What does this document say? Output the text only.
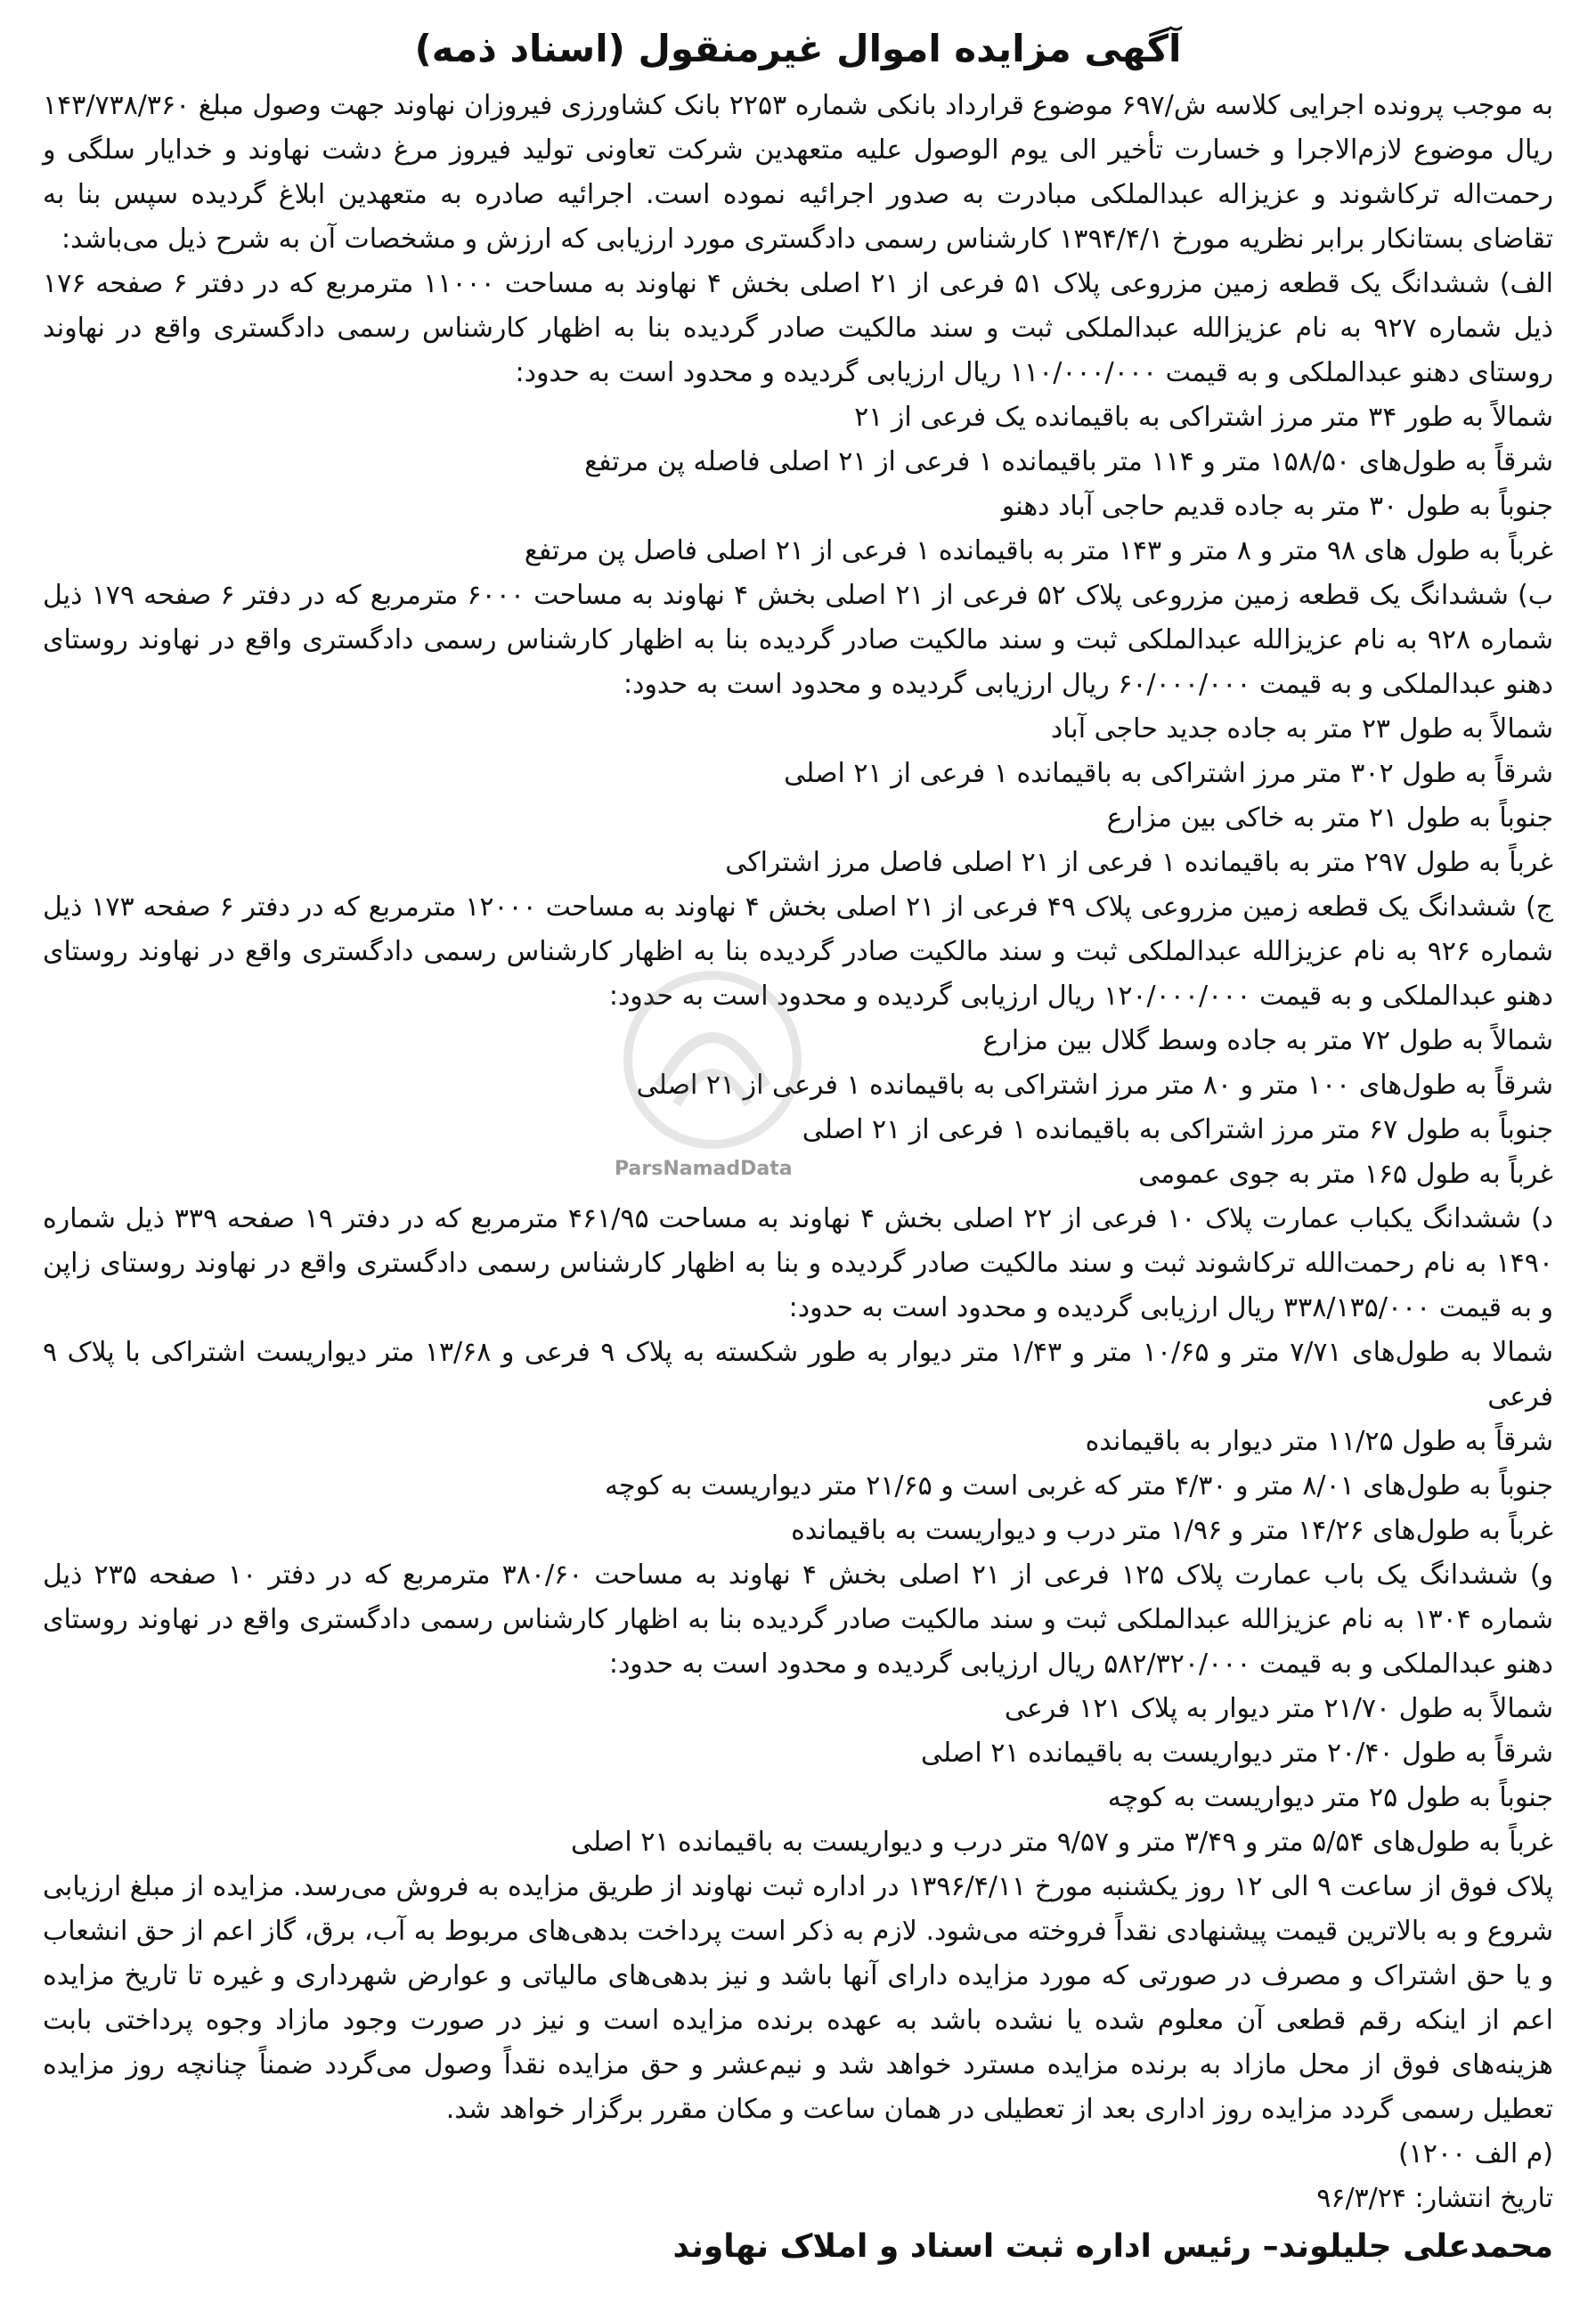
آگهی مزایده اموال غیرمنقول (اسناد ذمه)

به موجب پرونده اجرایی کلاسه ش/۶۹۷ موضوع قرارداد بانکی شماره ۲۲۵۳ بانک کشاورزی فیروزان نهاوند جهت وصول مبلغ ۱۴۳/۷۳۸/۳۶۰ ریال موضوع لازم‌الاجرا و خسارت تأخیر الی یوم الوصول علیه متعهدین شرکت تعاونی تولید فیروز مرغ دشت نهاوند و خدایار سلگی و رحمت‌اله ترکاشوند و عزیزاله عبدالملکی مبادرت به صدور اجرائیه نموده است. اجرائیه صادره به متعهدین ابلاغ گردیده سپس بنا به تقاضای بستانکار برابر نظریه مورخ ۱۳۹۴/۴/۱ کارشناس رسمی دادگستری مورد ارزیابی که ارزش و مشخصات آن به شرح ذیل می‌باشد:

الف) ششدانگ یک قطعه زمین مزروعی پلاک ۵۱ فرعی از ۲۱ اصلی بخش ۴ نهاوند به مساحت ۱۱۰۰۰ مترمربع که در دفتر ۶ صفحه ۱۷۶ ذیل شماره ۹۲۷ به نام عزیزالله عبدالملکی ثبت و سند مالکیت صادر گردیده بنا به اظهار کارشناس رسمی دادگستری واقع در نهاوند روستای دهنو عبدالملکی و به قیمت ۱۱۰/۰۰۰/۰۰۰ ریال ارزیابی گردیده و محدود است به حدود:

شمالاً به طور ۳۴ متر مرز اشتراکی به باقیمانده یک فرعی از ۲۱

شرقاً به طول‌های ۱۵۸/۵۰ متر و ۱۱۴ متر باقیمانده ۱ فرعی از ۲۱ اصلی فاصله پن مرتفع

جنوباً به طول ۳۰ متر به جاده قدیم حاجی آباد دهنو

غرباً به طول های ۹۸ متر و ۸ متر و ۱۴۳ متر به باقیمانده ۱ فرعی از ۲۱ اصلی فاصل پن مرتفع

ب) ششدانگ یک قطعه زمین مزروعی پلاک ۵۲ فرعی از ۲۱ اصلی بخش ۴ نهاوند به مساحت ۶۰۰۰ مترمربع که در دفتر ۶ صفحه ۱۷۹ ذیل شماره ۹۲۸ به نام عزیزالله عبدالملکی ثبت و سند مالکیت صادر گردیده بنا به اظهار کارشناس رسمی دادگستری واقع در نهاوند روستای دهنو عبدالملکی و به قیمت ۶۰/۰۰۰/۰۰۰ ریال ارزیابی گردیده و محدود است به حدود:

شمالاً به طول ۲۳ متر به جاده جدید حاجی آباد

شرقاً به طول ۳۰۲ متر مرز اشتراکی به باقیمانده ۱ فرعی از ۲۱ اصلی

جنوباً به طول ۲۱ متر به خاکی بین مزارع

غرباً به طول ۲۹۷ متر به باقیمانده ۱ فرعی از ۲۱ اصلی فاصل مرز اشتراکی

ج) ششدانگ یک قطعه زمین مزروعی پلاک ۴۹ فرعی از ۲۱ اصلی بخش ۴ نهاوند به مساحت ۱۲۰۰۰ مترمربع که در دفتر ۶ صفحه ۱۷۳ ذیل شماره ۹۲۶ به نام عزیزالله عبدالملکی ثبت و سند مالکیت صادر گردیده بنا به اظهار کارشناس رسمی دادگستری واقع در نهاوند روستای دهنو عبدالملکی و به قیمت ۱۲۰/۰۰۰/۰۰۰ ریال ارزیابی گردیده و محدود است به حدود:

شمالاً به طول ۷۲ متر به جاده وسط گلال بین مزارع

شرقاً به طول‌های ۱۰۰ متر و ۸۰ متر مرز اشتراکی به باقیمانده ۱ فرعی از ۲۱ اصلی

جنوباً به طول ۶۷ متر مرز اشتراکی به باقیمانده ۱ فرعی از ۲۱ اصلی

غرباً به طول ۱۶۵ متر به جوی عمومی

د) ششدانگ یکباب عمارت پلاک ۱۰ فرعی از ۲۲ اصلی بخش ۴ نهاوند به مساحت ۴۶۱/۹۵ مترمربع که در دفتر ۱۹ صفحه ۳۳۹ ذیل شماره ۱۴۹۰ به نام رحمت‌الله ترکاشوند ثبت و سند مالکیت صادر گردیده و بنا به اظهار کارشناس رسمی دادگستری واقع در نهاوند روستای زاپن و به قیمت ۳۳۸/۱۳۵/۰۰۰ ریال ارزیابی گردیده و محدود است به حدود:

شمالا به طول‌های ۷/۷۱ متر و ۱۰/۶۵ متر و ۱/۴۳ متر دیوار به طور شکسته به پلاک ۹ فرعی و ۱۳/۶۸ متر دیواریست اشتراکی با پلاک ۹ فرعی

شرقاً به طول ۱۱/۲۵ متر دیوار به باقیمانده

جنوباً به طول‌های ۸/۰۱ متر و ۴/۳۰ متر که غربی است و ۲۱/۶۵ متر دیواریست به کوچه

غرباً به طول‌های ۱۴/۲۶ متر و ۱/۹۶ متر درب و دیواریست به باقیمانده

و) ششدانگ یک باب عمارت پلاک ۱۲۵ فرعی از ۲۱ اصلی بخش ۴ نهاوند به مساحت ۳۸۰/۶۰ مترمربع که در دفتر ۱۰ صفحه ۲۳۵ ذیل شماره ۱۳۰۴ به نام عزیزالله عبدالملکی ثبت و سند مالکیت صادر گردیده بنا به اظهار کارشناس رسمی دادگستری واقع در نهاوند روستای دهنو عبدالملکی و به قیمت ۵۸۲/۳۲۰/۰۰۰ ریال ارزیابی گردیده و محدود است به حدود:

شمالاً به طول ۲۱/۷۰ متر دیوار به پلاک ۱۲۱ فرعی

شرقاً به طول ۲۰/۴۰ متر دیواریست به باقیمانده ۲۱ اصلی

جنوباً به طول ۲۵ متر دیواریست به کوچه

غرباً به طول‌های ۵/۵۴ متر و ۳/۴۹ متر و ۹/۵۷ متر درب و دیواریست به باقیمانده ۲۱ اصلی

پلاک فوق از ساعت ۹ الی ۱۲ روز یکشنبه مورخ ۱۳۹۶/۴/۱۱ در اداره ثبت نهاوند از طریق مزایده به فروش می‌رسد. مزایده از مبلغ ارزیابی شروع و به بالاترین قیمت پیشنهادی نقداً فروخته می‌شود. لازم به ذکر است پرداخت بدهی‌های مربوط به آب، برق، گاز اعم از حق انشعاب و یا حق اشتراک و مصرف در صورتی که مورد مزایده دارای آنها باشد و نیز بدهی‌های مالیاتی و عوارض شهرداری و غیره تا تاریخ مزایده اعم از اینکه رقم قطعی آن معلوم شده یا نشده باشد به عهده برنده مزایده است و نیز در صورت وجود مازاد وجوه پرداختی بابت هزینه‌های فوق از محل مازاد به برنده مزایده مسترد خواهد شد و نیم‌عشر و حق مزایده نقداً وصول می‌گردد ضمناً چنانچه روز مزایده تعطیل رسمی گردد مزایده روز اداری بعد از تعطیلی در همان ساعت و مکان مقرر برگزار خواهد شد.

(م الف ۱۲۰۰)

تاریخ انتشار: ۹۶/۳/۲۴

ParsNamadData
محمدعلی جلیلوند– رئیس اداره ثبت اسناد و املاک نهاوند
